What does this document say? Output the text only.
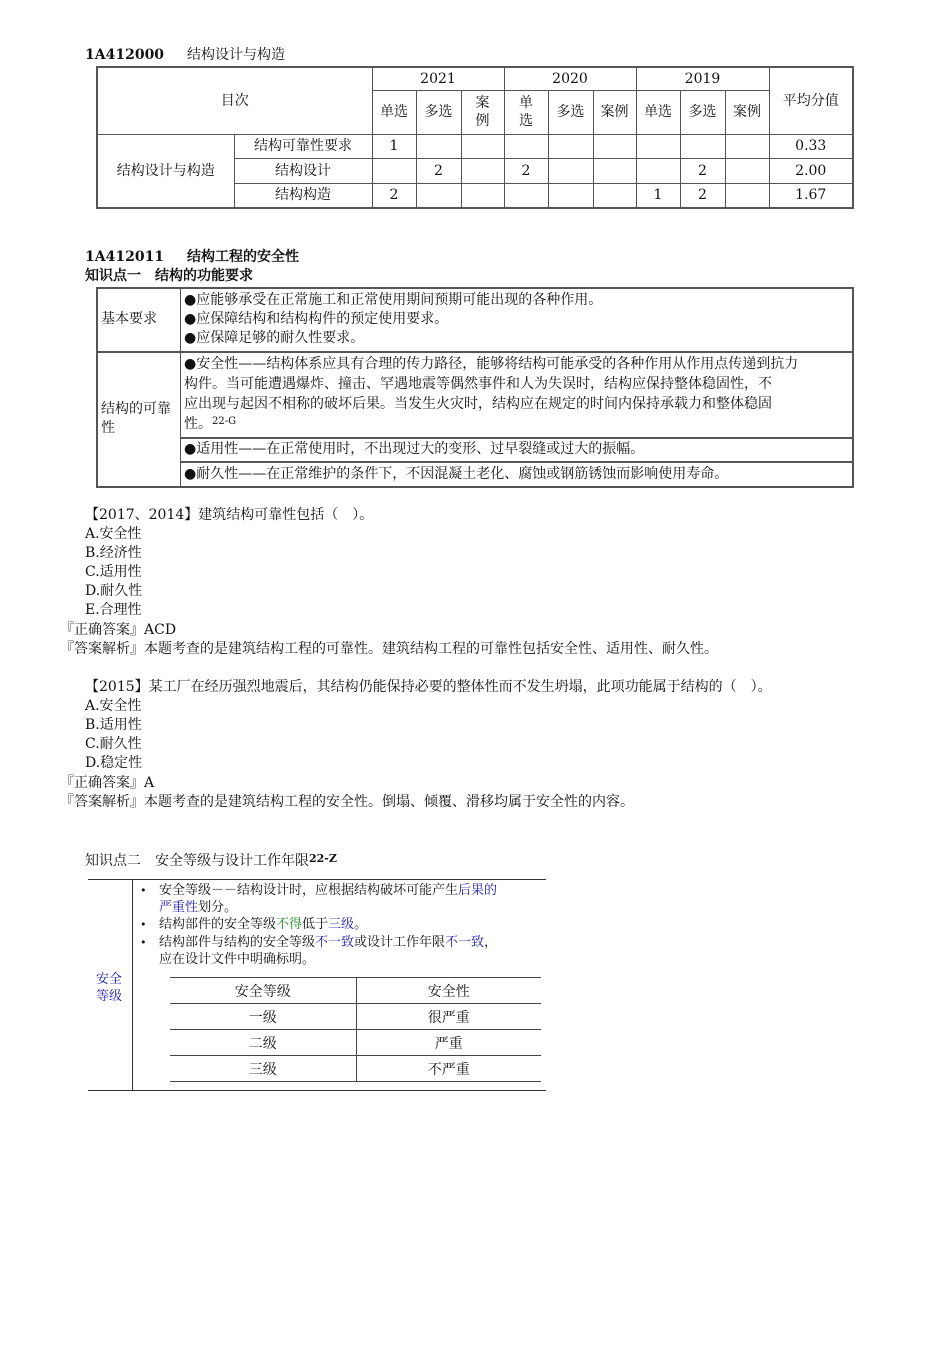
1A412000 结构设计与构造
目次		2021			2020			2019			平均分值
		单选	多选	案例	单选	多选	案例	单选	多选	案例	
结构设计与构造	结构可靠性要求	1									0.33
	结构设计		2		2				2		2.00
	结构构造	2						1	2		1.67
1A412011 结构工程的安全性
知识点一　结构的功能要求
基本要求
●应能够承受在正常施工和正常使用期间预期可能出现的各种作用。
●应保障结构和结构构件的预定使用要求。
●应保障足够的耐久性要求。
结构的可靠
性
●安全性——结构体系应具有合理的传力路径，能够将结构可能承受的各种作用从作用点传递到抗力
构件。当可能遭遇爆炸、撞击、罕遇地震等偶然事件和人为失误时，结构应保持整体稳固性，不
应出现与起因不相称的破坏后果。当发生火灾时，结构应在规定的时间内保持承载力和整体稳固
性。$^{22-G}$
●适用性——在正常使用时，不出现过大的变形、过早裂缝或过大的振幅。
●耐久性——在正常维护的条件下，不因混凝土老化、腐蚀或钢筋锈蚀而影响使用寿命。
【2017、2014】建筑结构可靠性包括（　）。
A.安全性
B.经济性
C.适用性
D.耐久性
E.合理性
『正确答案』ACD
『答案解析』本题考查的是建筑结构工程的可靠性。建筑结构工程的可靠性包括安全性、适用性、耐久性。
【2015】某工厂在经历强烈地震后，其结构仍能保持必要的整体性而不发生坍塌，此项功能属于结构的（　）。
A.安全性
B.适用性
C.耐久性
D.稳定性
『正确答案』A
『答案解析』本题考查的是建筑结构工程的安全性。倒塌、倾覆、滑移均属于安全性的内容。
知识点二　安全等级与设计工作年限$^{22-Z}$
安全
等级
• 安全等级－－结构设计时，应根据结构破坏可能产生后果的
严重性划分。
• 结构部件的安全等级不得低于三级。
• 结构部件与结构的安全等级不一致或设计工作年限不一致，
应在设计文件中明确标明。
安全等级	安全性
一级	很严重
二级	严重
三级	不严重
